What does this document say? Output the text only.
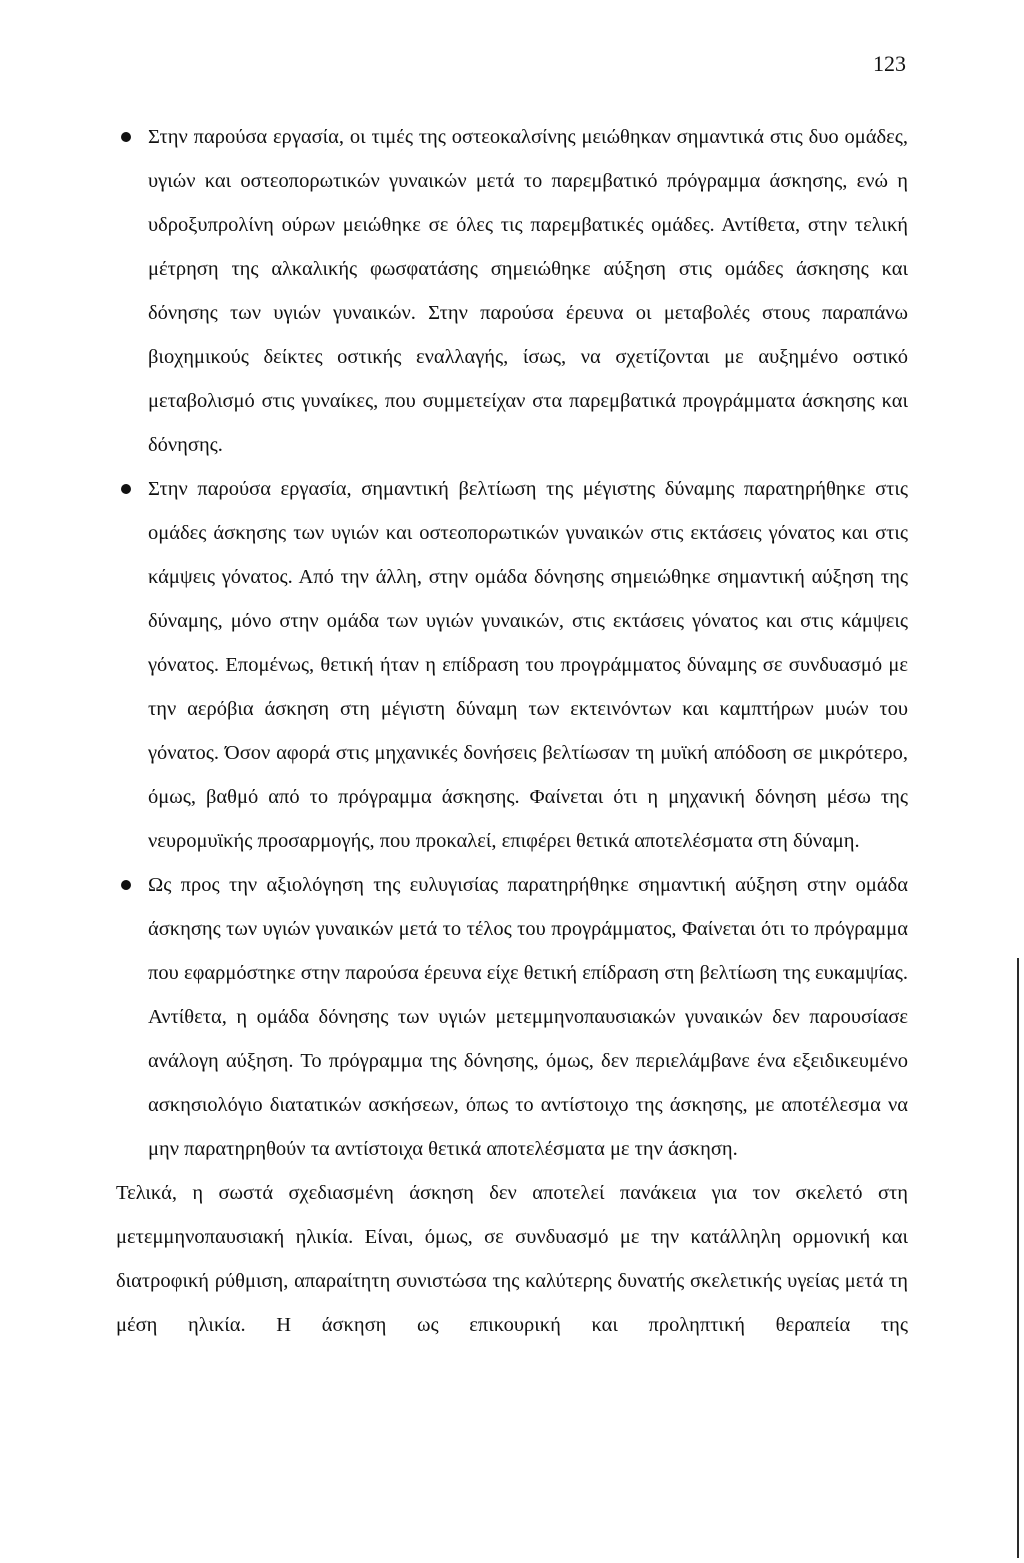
123
Στην παρούσα εργασία, οι τιμές της οστεοκαλσίνης μειώθηκαν σημαντικά στις δυο ομάδες, υγιών και οστεοπορωτικών γυναικών μετά το παρεμβατικό πρόγραμμα άσκησης, ενώ η υδροξυπρολίνη ούρων μειώθηκε σε όλες τις παρεμβατικές ομάδες. Αντίθετα, στην τελική μέτρηση της αλκαλικής φωσφατάσης σημειώθηκε αύξηση στις ομάδες άσκησης και δόνησης των υγιών γυναικών. Στην παρούσα έρευνα οι μεταβολές στους παραπάνω βιοχημικούς δείκτες οστικής εναλλαγής, ίσως, να σχετίζονται με αυξημένο οστικό μεταβολισμό στις γυναίκες, που συμμετείχαν στα παρεμβατικά προγράμματα άσκησης και δόνησης.
Στην παρούσα εργασία, σημαντική βελτίωση της μέγιστης δύναμης παρατηρήθηκε στις ομάδες άσκησης των υγιών και οστεοπορωτικών γυναικών στις εκτάσεις γόνατος και στις κάμψεις γόνατος. Από την άλλη, στην ομάδα δόνησης σημειώθηκε σημαντική αύξηση της δύναμης, μόνο στην ομάδα των υγιών γυναικών, στις εκτάσεις γόνατος και στις κάμψεις γόνατος. Επομένως, θετική ήταν η επίδραση του προγράμματος δύναμης σε συνδυασμό με την αερόβια άσκηση στη μέγιστη δύναμη των εκτεινόντων και καμπτήρων μυών του γόνατος. Όσον αφορά στις μηχανικές δονήσεις βελτίωσαν τη μυϊκή απόδοση σε μικρότερο, όμως, βαθμό από το πρόγραμμα άσκησης. Φαίνεται ότι η μηχανική δόνηση μέσω της νευρομυϊκής προσαρμογής, που προκαλεί, επιφέρει θετικά αποτελέσματα στη δύναμη.
Ως προς την αξιολόγηση της ευλυγισίας παρατηρήθηκε σημαντική αύξηση στην ομάδα άσκησης των υγιών γυναικών μετά το τέλος του προγράμματος, Φαίνεται ότι το πρόγραμμα που εφαρμόστηκε στην παρούσα έρευνα είχε θετική επίδραση στη βελτίωση της ευκαμψίας. Αντίθετα, η ομάδα δόνησης των υγιών μετεμμηνοπαυσιακών γυναικών δεν παρουσίασε ανάλογη αύξηση. Το πρόγραμμα της δόνησης, όμως, δεν περιελάμβανε ένα εξειδικευμένο ασκησιολόγιο διατατικών ασκήσεων, όπως το αντίστοιχο της άσκησης, με αποτέλεσμα να μην παρατηρηθούν τα αντίστοιχα θετικά αποτελέσματα με την άσκηση.

Τελικά, η σωστά σχεδιασμένη άσκηση δεν αποτελεί πανάκεια για τον σκελετό στη μετεμμηνοπαυσιακή ηλικία. Είναι, όμως, σε συνδυασμό με την κατάλληλη ορμονική και διατροφική ρύθμιση, απαραίτητη συνιστώσα της καλύτερης δυνατής σκελετικής υγείας μετά τη μέση ηλικία. Η άσκηση ως επικουρική και προληπτική θεραπεία της
